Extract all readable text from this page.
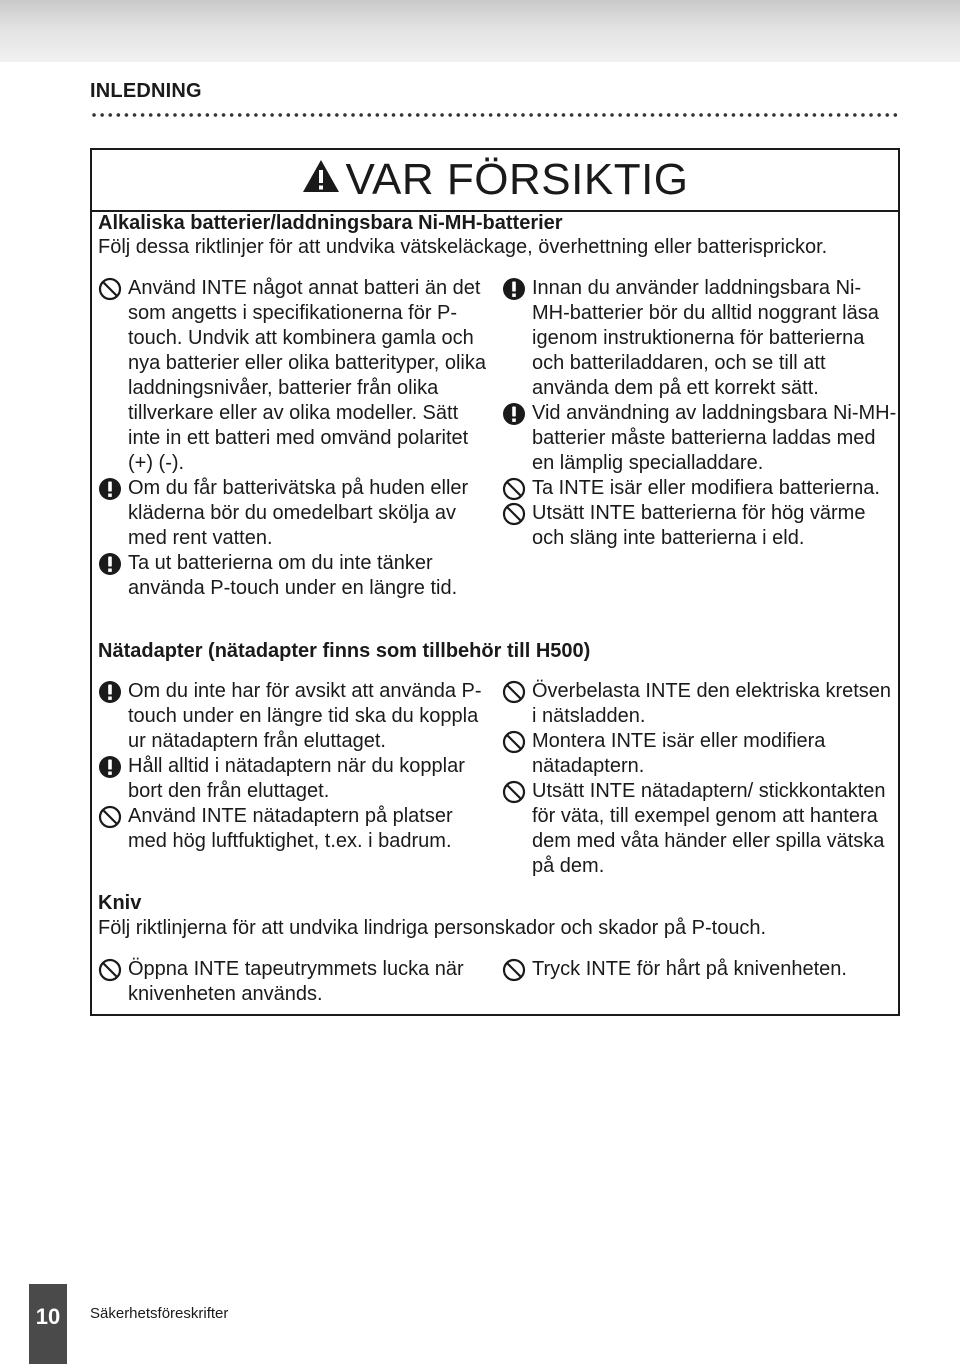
INLEDNING
VAR FÖRSIKTIG
Alkaliska batterier/laddningsbara Ni-MH-batterier
Följ dessa riktlinjer för att undvika vätskeläckage, överhettning eller batterisprickor.
Använd INTE något annat batteri än det som angetts i specifikationerna för P-touch. Undvik att kombinera gamla och nya batterier eller olika batterityper, olika laddningsnivåer, batterier från olika tillverkare eller av olika modeller. Sätt inte in ett batteri med omvänd polaritet (+) (-).
Om du får batterivätska på huden eller kläderna bör du omedelbart skölja av med rent vatten.
Ta ut batterierna om du inte tänker använda P-touch under en längre tid.
Innan du använder laddningsbara Ni-MH-batterier bör du alltid noggrant läsa igenom instruktionerna för batterierna och batteriladdaren, och se till att använda dem på ett korrekt sätt.
Vid användning av laddningsbara Ni-MH-batterier måste batterierna laddas med en lämplig specialladdare.
Ta INTE isär eller modifiera batterierna.
Utsätt INTE batterierna för hög värme och släng inte batterierna i eld.
Nätadapter (nätadapter finns som tillbehör till H500)
Om du inte har för avsikt att använda P-touch under en längre tid ska du koppla ur nätadaptern från eluttaget.
Håll alltid i nätadaptern när du kopplar bort den från eluttaget.
Använd INTE nätadaptern på platser med hög luftfuktighet, t.ex. i badrum.
Överbelasta INTE den elektriska kretsen i nätsladden.
Montera INTE isär eller modifiera nätadaptern.
Utsätt INTE nätadaptern/ stickkontakten för väta, till exempel genom att hantera dem med våta händer eller spilla vätska på dem.
Kniv
Följ riktlinjerna för att undvika lindriga personskador och skador på P-touch.
Öppna INTE tapeutrymmets lucka när knivenheten används.
Tryck INTE för hårt på knivenheten.
10 Säkerhetsföreskrifter
